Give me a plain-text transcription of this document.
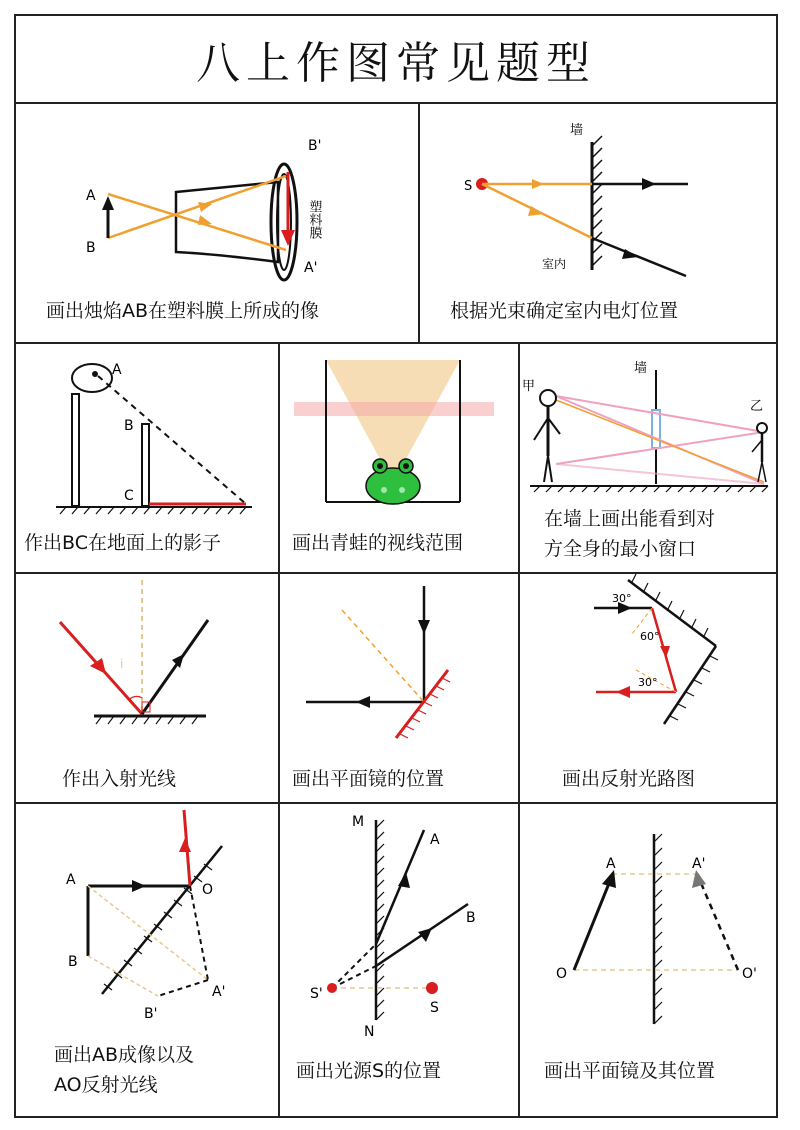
八上作图常见题型
A
B
B'
A'
塑料膜
画出烛焰AB在塑料膜上所成的像
墙
S
室内
根据光束确定室内电灯位置
A
B
C
作出BC在地面上的影子	画出青蛙的视线范围
墙
甲
乙
在墙上画出能看到对
方全身的最小窗口
i
作出入射光线	画出平面镜的位置
30°
60°
30°
画出反射光路图
A
B
O
A'
B'
画出AB成像以及
AO反射光线
M
N
A
B
S
S'
画出光源S的位置
A	A'
O	O'
画出平面镜及其位置
